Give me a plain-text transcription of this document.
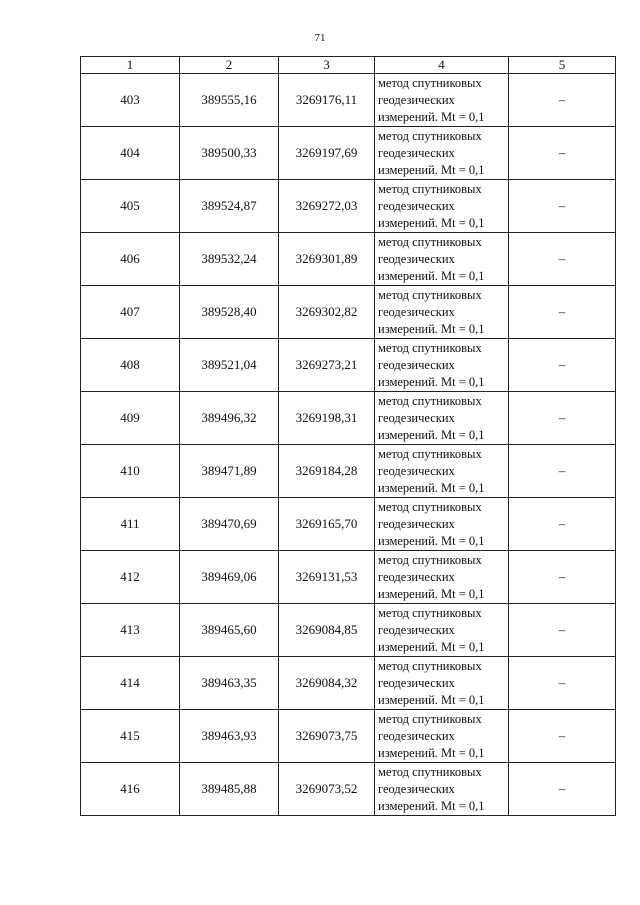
71
1	2	3	4	5
403	389555,16	3269176,11	метод спутниковых
геодезических
измерений. Mt = 0,1	–
404	389500,33	3269197,69	метод спутниковых
геодезических
измерений. Mt = 0,1	–
405	389524,87	3269272,03	метод спутниковых
геодезических
измерений. Mt = 0,1	–
406	389532,24	3269301,89	метод спутниковых
геодезических
измерений. Mt = 0,1	–
407	389528,40	3269302,82	метод спутниковых
геодезических
измерений. Mt = 0,1	–
408	389521,04	3269273,21	метод спутниковых
геодезических
измерений. Mt = 0,1	–
409	389496,32	3269198,31	метод спутниковых
геодезических
измерений. Mt = 0,1	–
410	389471,89	3269184,28	метод спутниковых
геодезических
измерений. Mt = 0,1	–
411	389470,69	3269165,70	метод спутниковых
геодезических
измерений. Mt = 0,1	–
412	389469,06	3269131,53	метод спутниковых
геодезических
измерений. Mt = 0,1	–
413	389465,60	3269084,85	метод спутниковых
геодезических
измерений. Mt = 0,1	–
414	389463,35	3269084,32	метод спутниковых
геодезических
измерений. Mt = 0,1	–
415	389463,93	3269073,75	метод спутниковых
геодезических
измерений. Mt = 0,1	–
416	389485,88	3269073,52	метод спутниковых
геодезических
измерений. Mt = 0,1	–
